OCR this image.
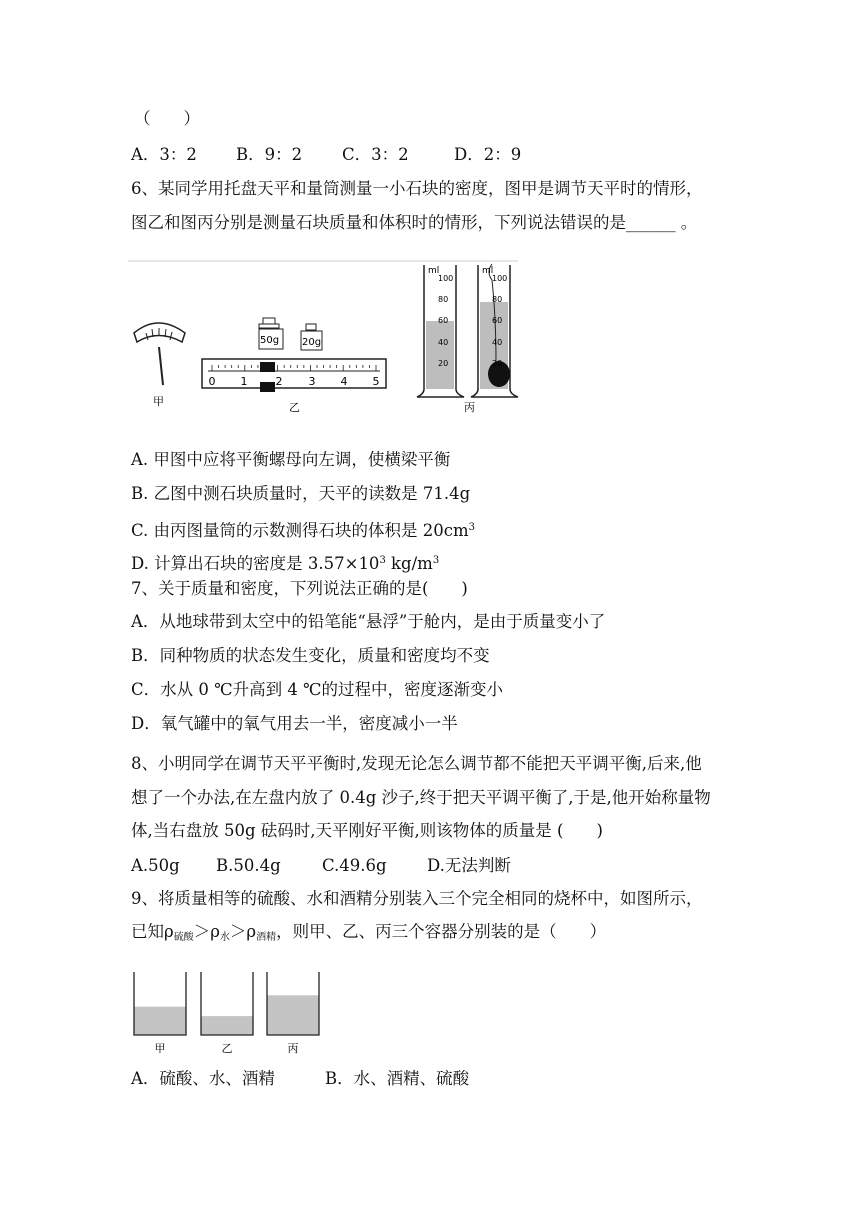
（　　）
A．3：2 B．9：2 C．3：2	D．2：9
6、某同学用托盘天平和量筒测量一小石块的密度，图甲是调节天平时的情形，
图乙和图丙分别是测量石块质量和体积时的情形，下列说法错误的是______ 。
甲
50g 20g
0 1	2 3 4 5
乙
ml
100
80
60
40
20
ml
100
80
60
40
20
丙
A. 甲图中应将平衡螺母向左调，使横梁平衡
B. 乙图中测石块质量时，天平的读数是 71.4g
C. 由丙图量筒的示数测得石块的体积是 $20cm^3$
D. 计算出石块的密度是 $3.57\times 10^3$ $kg/m^3$
7、关于质量和密度，下列说法正确的是(　　)
A．从地球带到太空中的铅笔能“悬浮”于舱内，是由于质量变小了
B．同种物质的状态发生变化，质量和密度均不变
C．水从 0 ℃升高到 4 ℃的过程中，密度逐渐变小
D．氧气罐中的氧气用去一半，密度减小一半
8、小明同学在调节天平平衡时,发现无论怎么调节都不能把天平调平衡,后来,他
想了一个办法,在左盘内放了 0.4g 沙子,终于把天平调平衡了,于是,他开始称量物
体,当右盘放 50g 砝码时,天平刚好平衡,则该物体的质量是 (　　)
A.50g B.50.4g	C.49.6g D.无法判断
9、将质量相等的硫酸、水和酒精分别装入三个完全相同的烧杯中，如图所示，
已知$\rho_{硫酸}>\rho_水>\rho_{酒精}$，则甲、乙、丙三个容器分别装的是（　　）
甲	乙	丙
A．硫酸、水、酒精	B．水、酒精、硫酸
